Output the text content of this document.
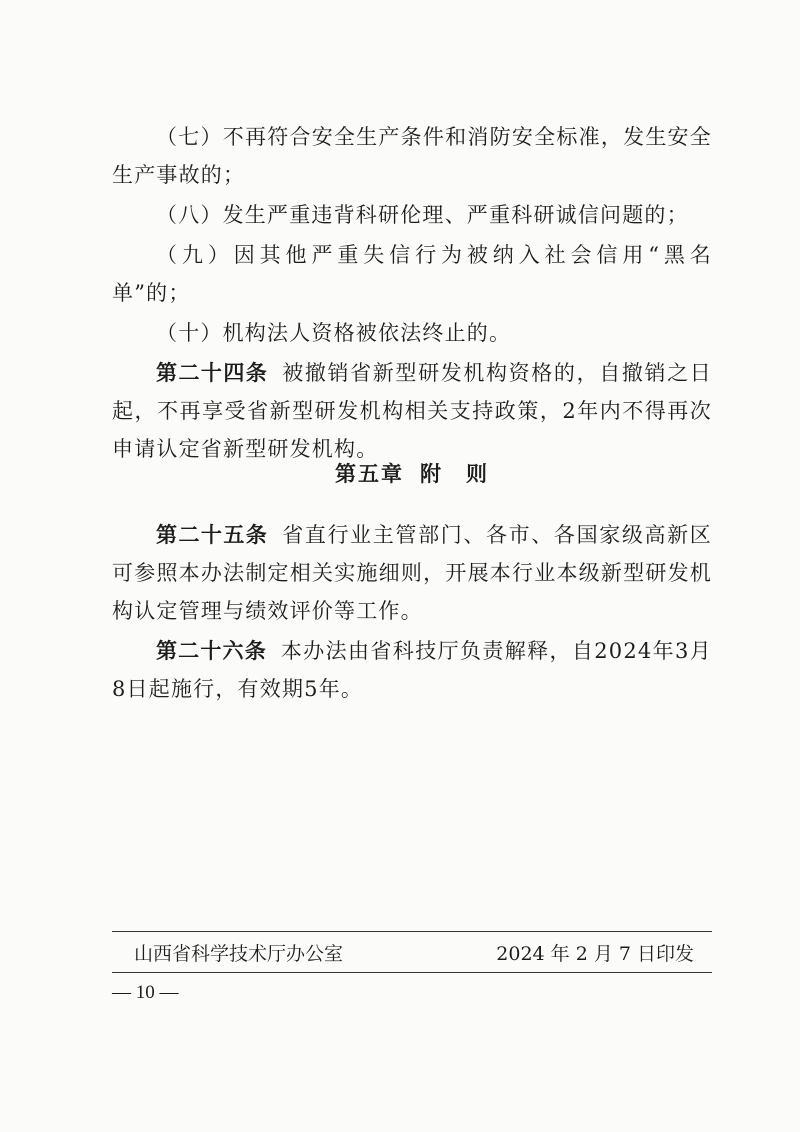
（七）不再符合安全生产条件和消防安全标准，发生安全生产事故的；

（八）发生严重违背科研伦理、严重科研诚信问题的；

（九）因其他严重失信行为被纳入社会信用“黑名单”的；

（十）机构法人资格被依法终止的。

第二十四条 被撤销省新型研发机构资格的，自撤销之日起，不再享受省新型研发机构相关支持政策，2年内不得再次申请认定省新型研发机构。

第五章 附　则

第二十五条 省直行业主管部门、各市、各国家级高新区可参照本办法制定相关实施细则，开展本行业本级新型研发机构认定管理与绩效评价等工作。

第二十六条 本办法由省科技厅负责解释，自2024年3月8日起施行，有效期5年。

山西省科学技术厅办公室	2024 年 2 月 7 日印发
— 10 —
